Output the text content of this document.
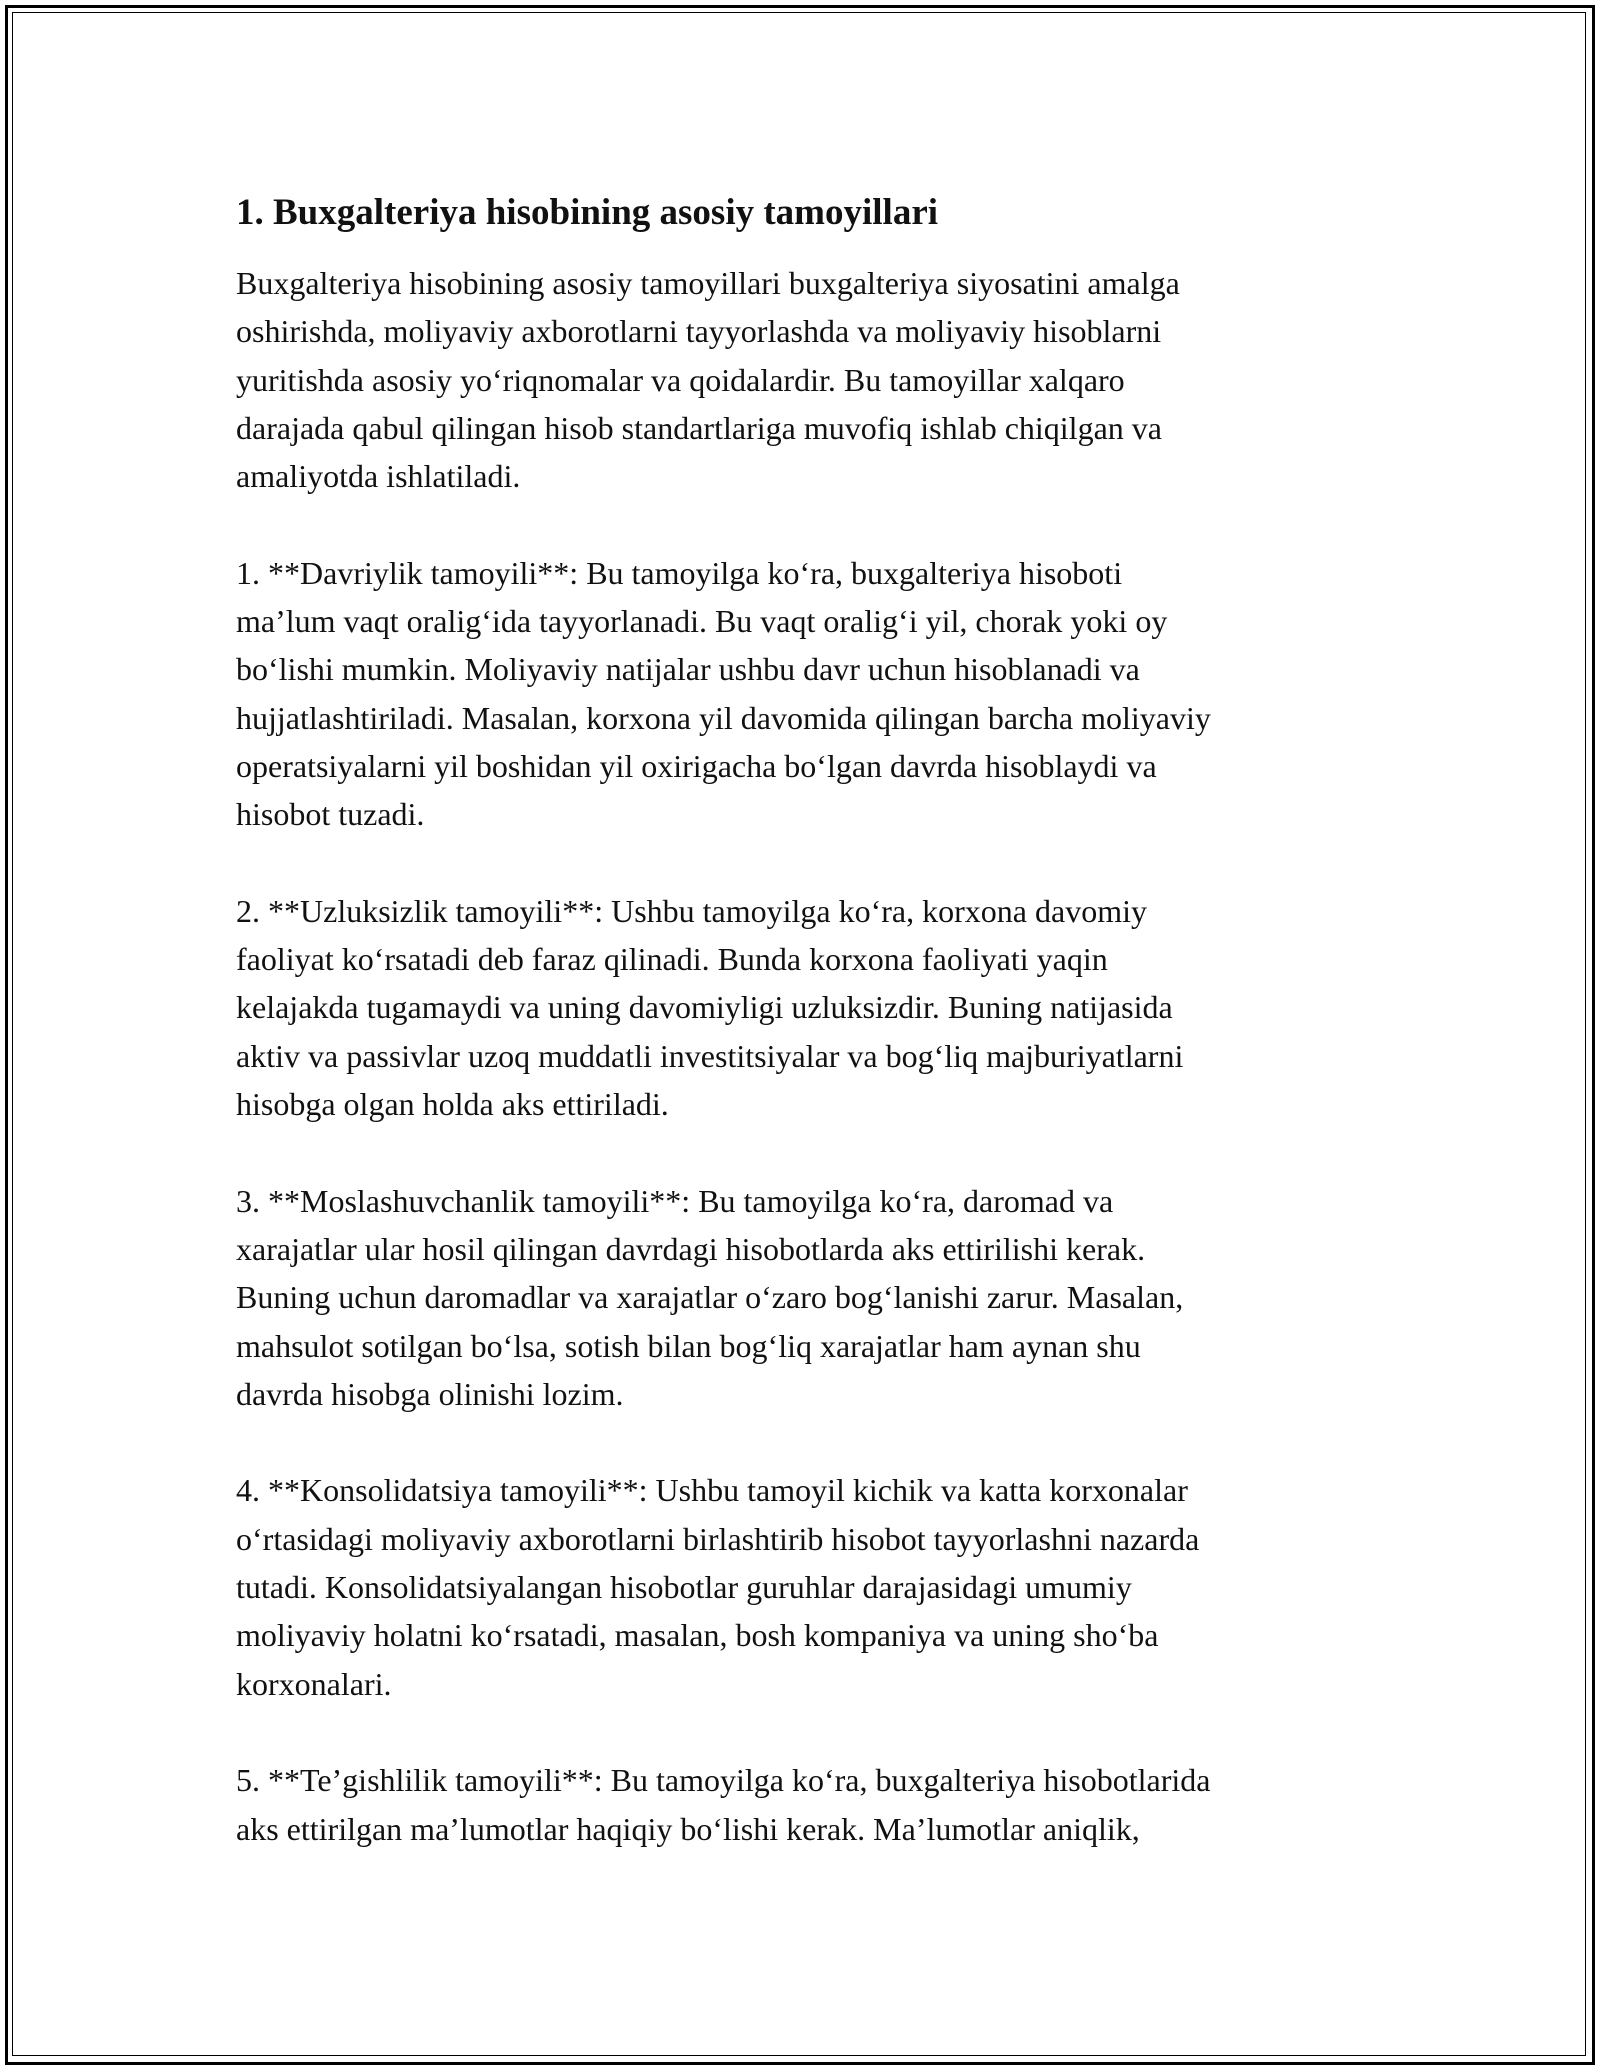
1. Buxgalteriya hisobining asosiy tamoyillari

Buxgalteriya hisobining asosiy tamoyillari buxgalteriya siyosatini amalga
oshirishda, moliyaviy axborotlarni tayyorlashda va moliyaviy hisoblarni
yuritishda asosiy yo‘riqnomalar va qoidalardir. Bu tamoyillar xalqaro
darajada qabul qilingan hisob standartlariga muvofiq ishlab chiqilgan va
amaliyotda ishlatiladi.

1. **Davriylik tamoyili**: Bu tamoyilga ko‘ra, buxgalteriya hisoboti
ma’lum vaqt oralig‘ida tayyorlanadi. Bu vaqt oralig‘i yil, chorak yoki oy
bo‘lishi mumkin. Moliyaviy natijalar ushbu davr uchun hisoblanadi va
hujjatlashtiriladi. Masalan, korxona yil davomida qilingan barcha moliyaviy
operatsiyalarni yil boshidan yil oxirigacha bo‘lgan davrda hisoblaydi va
hisobot tuzadi.

2. **Uzluksizlik tamoyili**: Ushbu tamoyilga ko‘ra, korxona davomiy
faoliyat ko‘rsatadi deb faraz qilinadi. Bunda korxona faoliyati yaqin
kelajakda tugamaydi va uning davomiyligi uzluksizdir. Buning natijasida
aktiv va passivlar uzoq muddatli investitsiyalar va bog‘liq majburiyatlarni
hisobga olgan holda aks ettiriladi.

3. **Moslashuvchanlik tamoyili**: Bu tamoyilga ko‘ra, daromad va
xarajatlar ular hosil qilingan davrdagi hisobotlarda aks ettirilishi kerak.
Buning uchun daromadlar va xarajatlar o‘zaro bog‘lanishi zarur. Masalan,
mahsulot sotilgan bo‘lsa, sotish bilan bog‘liq xarajatlar ham aynan shu
davrda hisobga olinishi lozim.

4. **Konsolidatsiya tamoyili**: Ushbu tamoyil kichik va katta korxonalar
o‘rtasidagi moliyaviy axborotlarni birlashtirib hisobot tayyorlashni nazarda
tutadi. Konsolidatsiyalangan hisobotlar guruhlar darajasidagi umumiy
moliyaviy holatni ko‘rsatadi, masalan, bosh kompaniya va uning sho‘ba
korxonalari.

5. **Te’gishlilik tamoyili**: Bu tamoyilga ko‘ra, buxgalteriya hisobotlarida
aks ettirilgan ma’lumotlar haqiqiy bo‘lishi kerak. Ma’lumotlar aniqlik,
